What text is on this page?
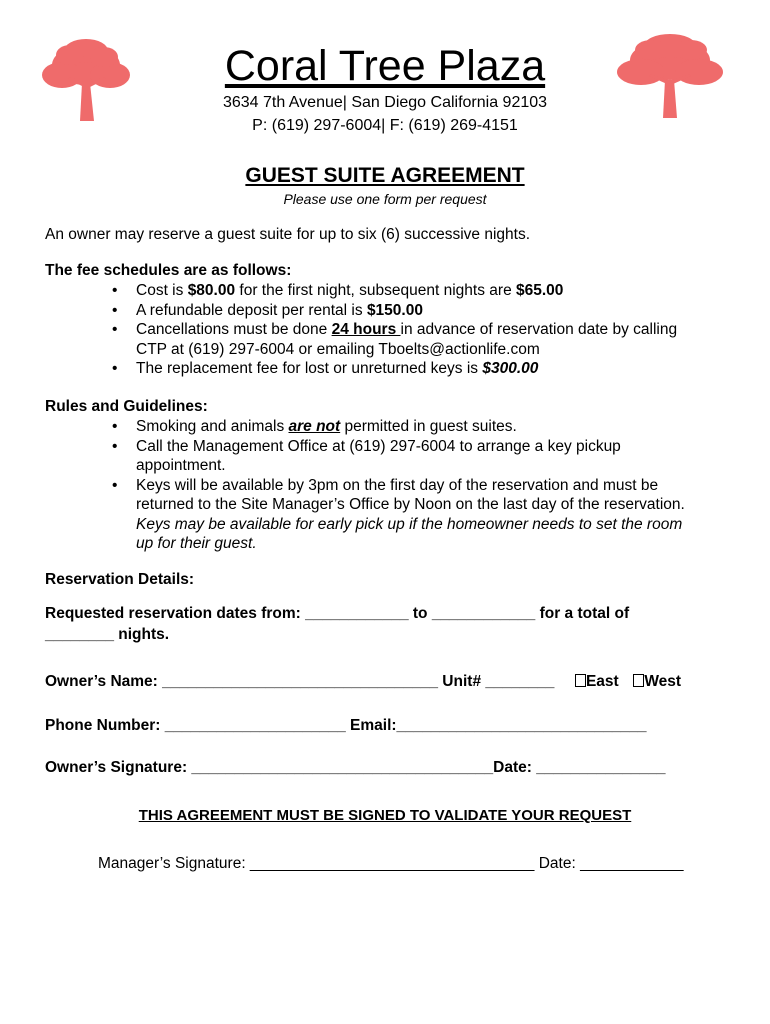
Coral Tree Plaza
3634 7th Avenue| San Diego California 92103
P: (619) 297-6004| F: (619) 269-4151
GUEST SUITE AGREEMENT
Please use one form per request
An owner may reserve a guest suite for up to six (6) successive nights.
The fee schedules are as follows:
• Cost is $80.00 for the first night, subsequent nights are $65.00
• A refundable deposit per rental is $150.00
• Cancellations must be done 24 hours in advance of reservation date by calling
CTP at (619) 297-6004 or emailing Tboelts@actionlife.com
• The replacement fee for lost or unreturned keys is $300.00
Rules and Guidelines:
• Smoking and animals are not permitted in guest suites.
• Call the Management Office at (619) 297-6004 to arrange a key pickup
appointment.
• Keys will be available by 3pm on the first day of the reservation and must be
returned to the Site Manager’s Office by Noon on the last day of the reservation.
Keys may be available for early pick up if the homeowner needs to set the room
up for their guest.
Reservation Details:
Requested reservation dates from: ____________ to ____________ for a total of
________ nights.
Owner’s Name: ________________________________ Unit# ________ East West
Phone Number: _____________________ Email:_____________________________
Owner’s Signature: ___________________________________Date: _______________
THIS AGREEMENT MUST BE SIGNED TO VALIDATE YOUR REQUEST
Manager’s Signature: _________________________________ Date: ____________
